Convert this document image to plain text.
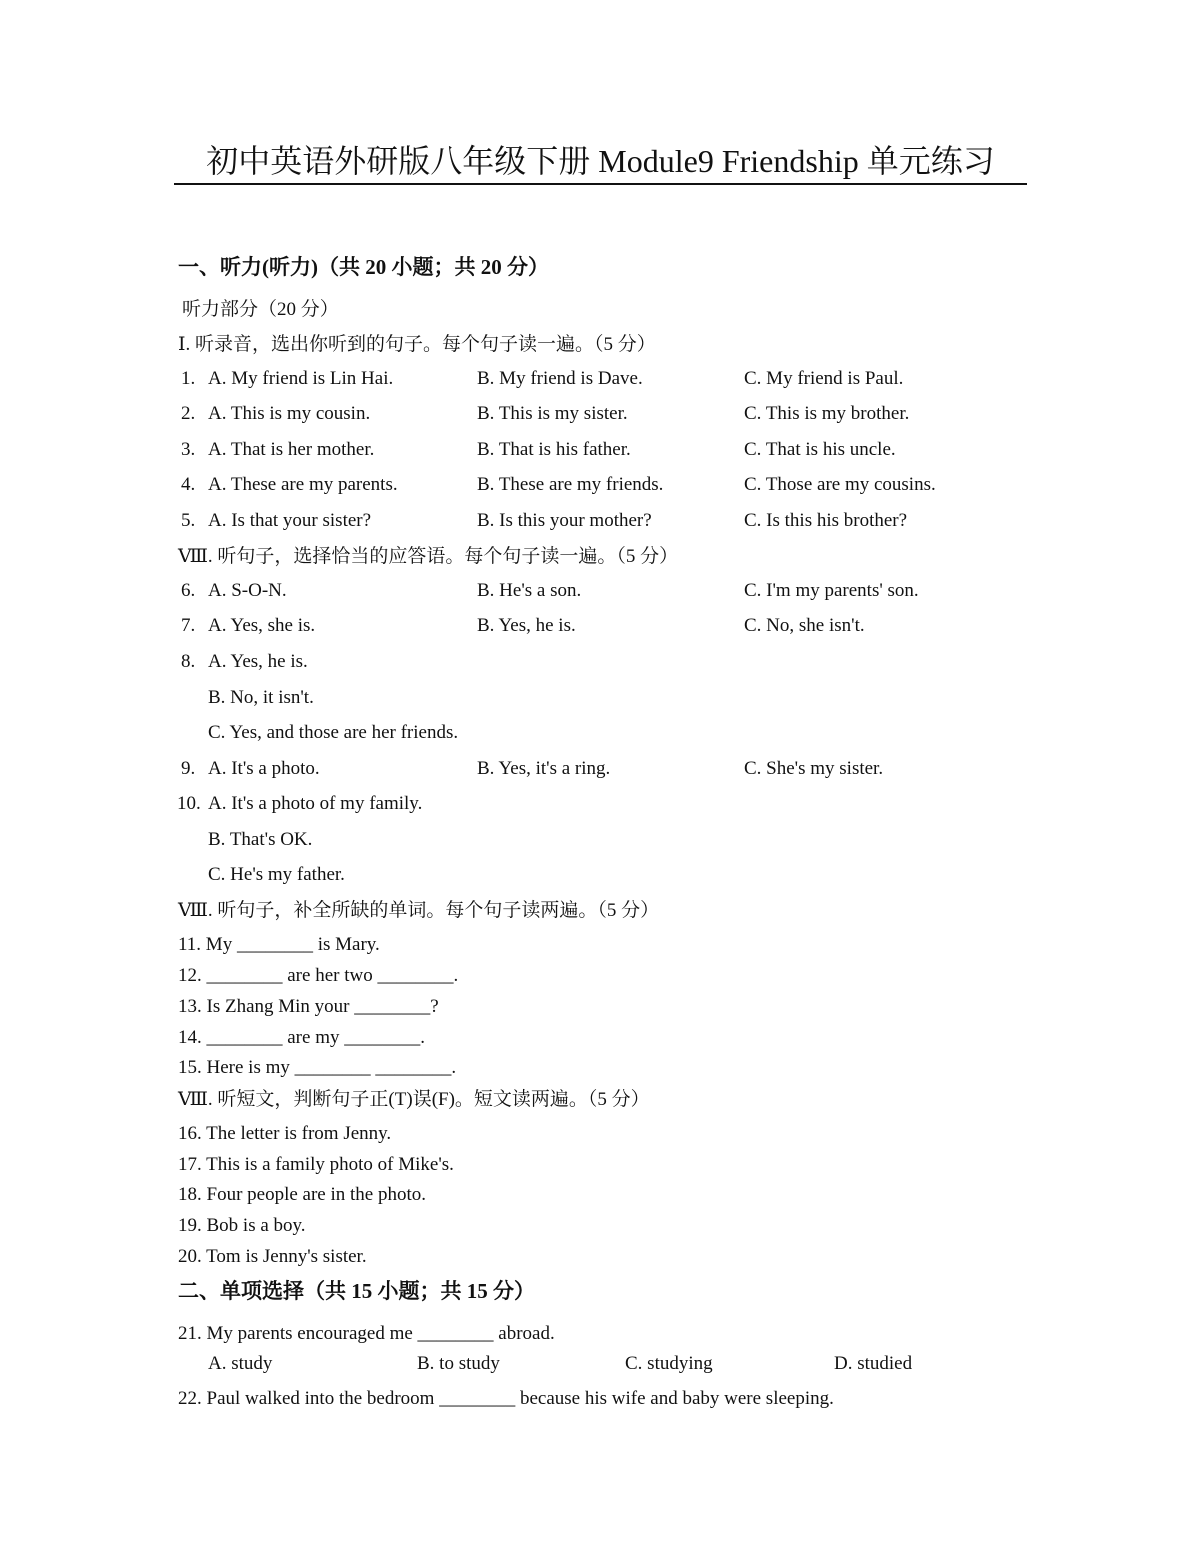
初中英语外研版八年级下册 Module9 Friendship 单元练习
一、听力(听力)（共 20 小题；共 20 分）
听力部分（20 分）
Ⅰ. 听录音，选出你听到的句子。每个句子读一遍。（5 分）
1. A. My friend is Lin Hai.	B. My friend is Dave.	C. My friend is Paul.
2. A. This is my cousin.	B. This is my sister.	C. This is my brother.
3. A. That is her mother.	B. That is his father.	C. That is his uncle.
4. A. These are my parents.	B. These are my friends.	C. Those are my cousins.
5. A. Is that your sister?	B. Is this your mother?	C. Is this his brother?
Ⅷ. 听句子，选择恰当的应答语。每个句子读一遍。（5 分）
6. A. S-O-N.	B. He's a son.	C. I'm my parents' son.
7. A. Yes, she is.	B. Yes, he is.	C. No, she isn't.
8. A. Yes, he is.
B. No, it isn't.
C. Yes, and those are her friends.
9. A. It's a photo.	B. Yes, it's a ring.	C. She's my sister.
10. A. It's a photo of my family.
B. That's OK.
C. He's my father.
Ⅷ. 听句子，补全所缺的单词。每个句子读两遍。（5 分）
11. My ________ is Mary.
12. ________ are her two ________.
13. Is Zhang Min your ________?
14. ________ are my ________.
15. Here is my ________ ________.
Ⅷ. 听短文，判断句子正(T)误(F)。短文读两遍。（5 分）
16. The letter is from Jenny.
17. This is a family photo of Mike's.
18. Four people are in the photo.
19. Bob is a boy.
20. Tom is Jenny's sister.
二、单项选择（共 15 小题；共 15 分）
21. My parents encouraged me ________ abroad.
A. study	B. to study	C. studying	D. studied
22. Paul walked into the bedroom ________ because his wife and baby were sleeping.
